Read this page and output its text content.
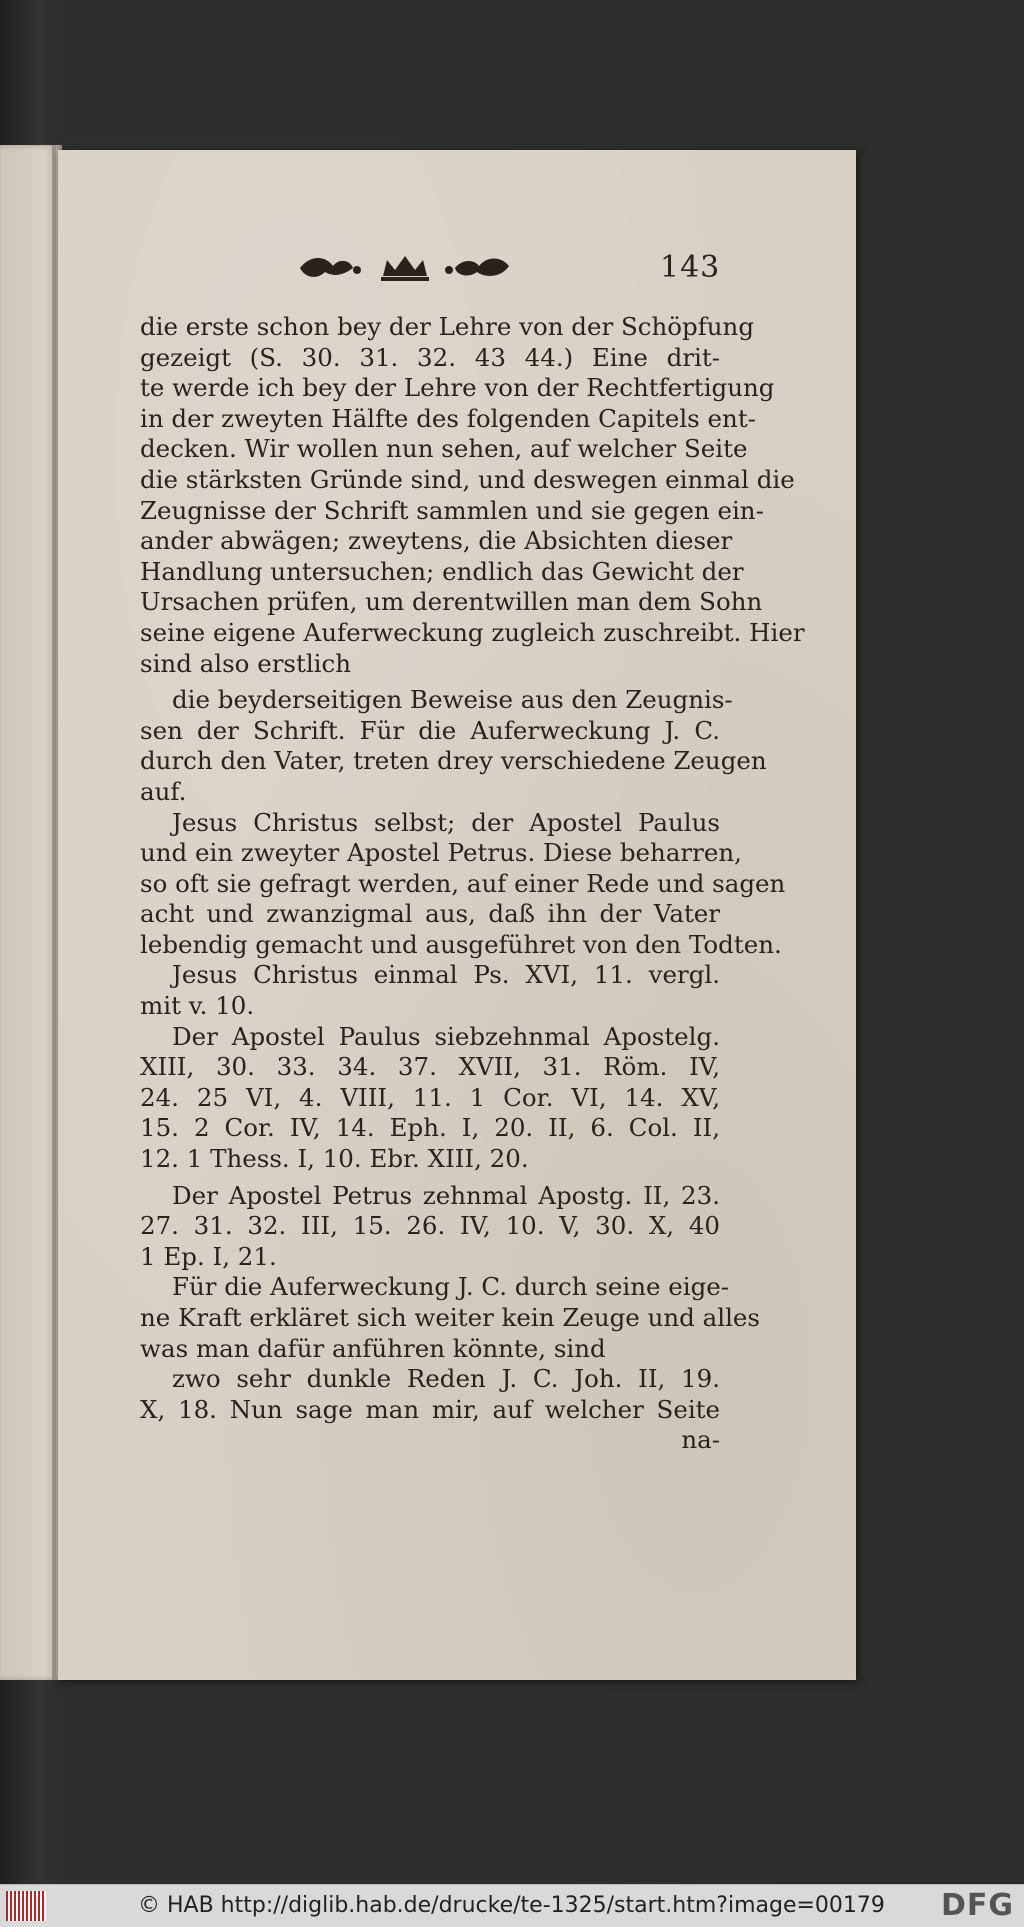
143
die erste schon bey der Lehre von der Schöpfung
gezeigt (S. 30. 31. 32. 43 44.) Eine drit-
te werde ich bey der Lehre von der Rechtfertigung
in der zweyten Hälfte des folgenden Capitels ent-
decken. Wir wollen nun sehen, auf welcher Seite
die stärksten Gründe sind, und deswegen einmal die
Zeugnisse der Schrift sammlen und sie gegen ein-
ander abwägen; zweytens, die Absichten dieser
Handlung untersuchen; endlich das Gewicht der
Ursachen prüfen, um derentwillen man dem Sohn
seine eigene Auferweckung zugleich zuschreibt. Hier
sind also erstlich
die beyderseitigen Beweise aus den Zeugnis-
sen der Schrift. Für die Auferweckung J. C.
durch den Vater, treten drey verschiedene Zeugen
auf.
Jesus Christus selbst; der Apostel Paulus
und ein zweyter Apostel Petrus. Diese beharren,
so oft sie gefragt werden, auf einer Rede und sagen
acht und zwanzigmal aus, daß ihn der Vater
lebendig gemacht und ausgeführet von den Todten.
Jesus Christus einmal Ps. XVI, 11. vergl.
mit v. 10.
Der Apostel Paulus siebzehnmal Apostelg.
XIII, 30. 33. 34. 37. XVII, 31. Röm. IV,
24. 25 VI, 4. VIII, 11. 1 Cor. VI, 14. XV,
15. 2 Cor. IV, 14. Eph. I, 20. II, 6. Col. II,
12. 1 Thess. I, 10. Ebr. XIII, 20.
Der Apostel Petrus zehnmal Apostg. II, 23.
27. 31. 32. III, 15. 26. IV, 10. V, 30. X, 40
1 Ep. I, 21.
Für die Auferweckung J. C. durch seine eige-
ne Kraft erkläret sich weiter kein Zeuge und alles
was man dafür anführen könnte, sind
zwo sehr dunkle Reden J. C. Joh. II, 19.
X, 18. Nun sage man mir, auf welcher Seite
na-
© HAB http://diglib.hab.de/drucke/te-1325/start.htm?image=00179 DFG
